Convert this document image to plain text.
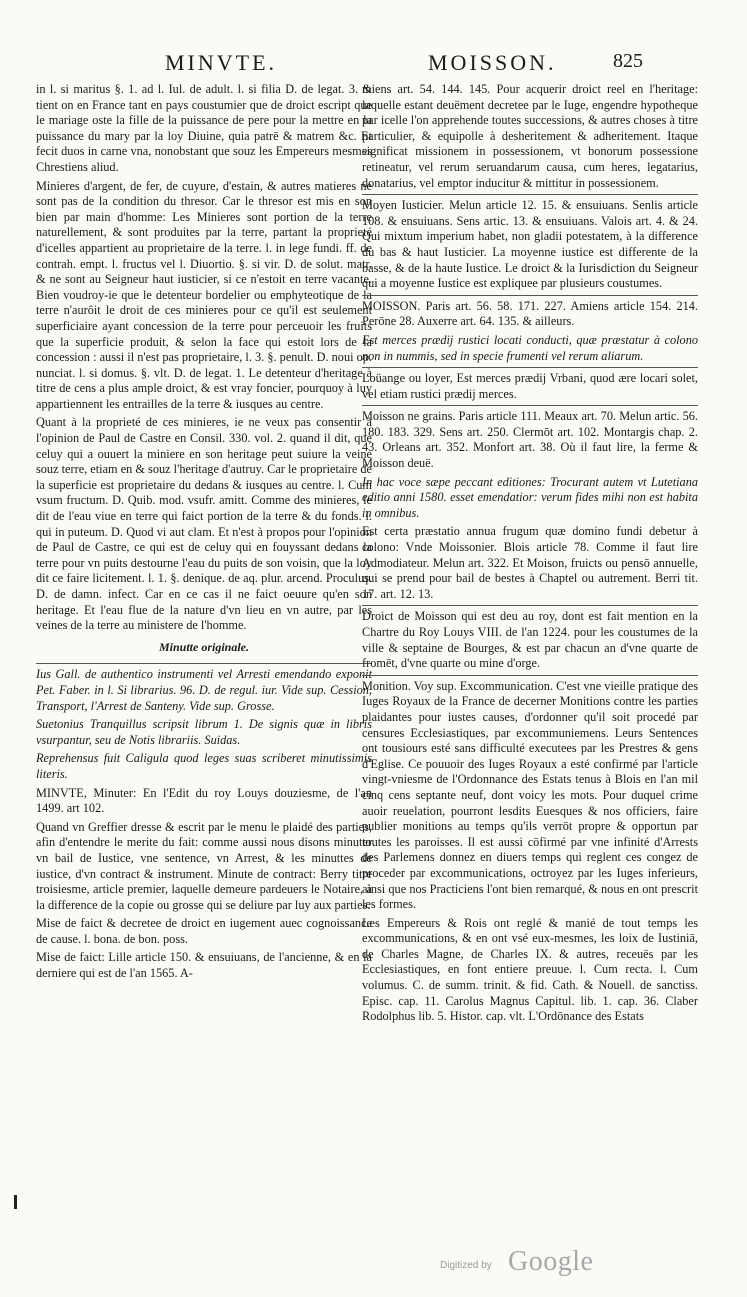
MINVTE.	MOISSON.	825

in l. si maritus §. 1. ad l. Iul. de adult. l. si filia D. de legat. 3. & tient on en France tant en pays coustumier que de droict escript que le mariage oste la fille de la puissance de pere pour la mettre en la puissance du mary par la loy Diuine, quia patrē & matrem &c. Et fecit duos in carne vna, nonobstant que souz les Empereurs mesmes Chrestiens aliud.

Minieres d'argent, de fer, de cuyure, d'estain, & autres matieres ne sont pas de la condition du thresor. Car le thresor est mis en son bien par main d'homme: Les Minieres sont portion de la terre naturellement, & sont produites par la terre, partant la proprieté d'icelles appartient au proprietaire de la terre. l. in lege fundi. ff. de contrah. empt. l. fructus vel l. Diuortio. §. si vir. D. de solut. matr. & ne sont au Seigneur haut iusticier, si ce n'estoit en terre vacante. Bien voudroy-ie que le detenteur bordelier ou emphyteotique de la terre n'aurôit le droit de ces minieres pour ce qu'il est seulement superficiaire ayant concession de la terre pour perceuoir les fruits que la superficie produit, & selon la face qui estoit lors de la concession : aussi il n'est pas proprietaire, l. 3. §. penult. D. noui op. nunciat. l. si domus. §. vlt. D. de legat. 1. Le detenteur d'heritage à titre de cens a plus ample droict, & est vray foncier, pourquoy à luy appartiennent les entrailles de la terre & iusques au centre.

Quant à la proprieté de ces minieres, ie ne veux pas consentir à l'opinion de Paul de Castre en Consil. 330. vol. 2. quand il dit, que celuy qui a ouuert la miniere en son heritage peut suiure la veine souz terre, etiam en & souz l'heritage d'autruy. Car le proprietaire de la superficie est proprietaire du dedans & iusques au centre. l. Cum vsum fructum. D. Quib. mod. vsufr. amitt. Comme des minieres, le dit de l'eau viue en terre qui faict portion de la terre & du fonds. l. qui in puteum. D. Quod vi aut clam. Et n'est à propos pour l'opinion de Paul de Castre, ce qui est de celuy qui en fouyssant dedans la terre pour vn puits destourne l'eau du puits de son voisin, que la loy dit ce faire licitement. l. 1. §. denique. de aq. plur. arcend. Proculus. D. de damn. infect. Car en ce cas il ne faict oeuure qu'en son heritage. Et l'eau flue de la nature d'vn lieu en vn autre, par les veines de la terre au ministere de l'homme.

Minutte originale.

Ius Gall. de authentico instrumenti vel Arresti emendando exponit Pet. Faber. in l. Si librarius. 96. D. de regul. iur. Vide sup. Cession, Transport, l'Arrest de Santeny. Vide sup. Grosse.

Suetonius Tranquillus scripsit librum 1. De signis quæ in libris vsurpantur, seu de Notis librariis. Suidas.

Reprehensus fuit Caligula quod leges suas scriberet minutissimis literis.

MINVTE, Minuter: En l'Edit du roy Louys douziesme, de l'an 1499. art 102.

Quand vn Greffier dresse & escrit par le menu le plaidé des parties, afin d'entendre le merite du fait: comme aussi nous disons minuter vn bail de Iustice, vne sentence, vn Arrest, & les minuttes de iustice, d'vn contract & instrument. Minute de contract: Berry titre troisiesme, article premier, laquelle demeure pardeuers le Notaire, à la difference de la copie ou grosse qui se deliure par luy aux parties.

Mise de faict & decretee de droict en iugement auec cognoissance de cause. l. bona. de bon. poss.

Mise de faict: Lille article 150. & ensuiuans, de l'ancienne, & en la derniere qui est de l'an 1565. A-

miens art. 54. 144. 145. Pour acquerir droict reel en l'heritage: laquelle estant deuëment decretee par le Iuge, engendre hypotheque par icelle l'on apprehende toutes successions, & autres choses à titre particulier, & equipolle à desheritement & adheritement. Itaque significat missionem in possessionem, vt bonorum possessione retineatur, vel rerum seruandarum causa, cum heres, legatarius, donatarius, vel emptor inducitur & mittitur in possessionem.

Moyen Iusticier. Melun article 12. 15. & ensuiuans. Senlis article 108. & ensuiuans. Sens artic. 13. & ensuiuans. Valois art. 4. & 24. Qui mixtum imperium habet, non gladii potestatem, à la difference du bas & haut Iusticier. La moyenne iustice est differente de la basse, & de la haute Iustice. Le droict & la Iurisdiction du Seigneur qui a moyenne Iustice est expliquee par plusieurs coustumes.

MOISSON. Paris art. 56. 58. 171. 227. Amiens article 154. 214. Perōne 28. Auxerre art. 64. 135. & ailleurs.

Est merces prædij rustici locati conducti, quæ præstatur à colono non in nummis, sed in specie frumenti vel rerum aliarum.

Loüange ou loyer, Est merces prædij Vrbani, quod ære locari solet, vel etiam rustici prædij merces.

Moisson ne grains. Paris article 111. Meaux art. 70. Melun artic. 56. 180. 183. 329. Sens art. 250. Clermōt art. 102. Montargis chap. 2. 43. Orleans art. 352. Monfort art. 38. Où il faut lire, la ferme & Moisson deuë.

In hac voce sæpe peccant editiones: Trocurant autem vt Lutetiana editio anni 1580. esset emendatior: verum fides mihi non est habita in omnibus.

Est certa præstatio annua frugum quæ domino fundi debetur à colono: Vnde Moissonier. Blois article 78. Comme il faut lire Admodiateur. Melun art. 322. Et Moison, fruicts ou pensō annuelle, qui se prend pour bail de bestes à Chaptel ou autrement. Berri tit. 17. art. 12. 13.

Droict de Moisson qui est deu au roy, dont est fait mention en la Chartre du Roy Louys VIII. de l'an 1224. pour les coustumes de la ville & septaine de Bourges, & est par chacun an d'vne quarte de fromēt, d'vne quarte ou mine d'orge.

Monition. Voy sup. Excommunication. C'est vne vieille pratique des Iuges Royaux de la France de decerner Monitions contre les parties plaidantes pour iustes causes, d'ordonner qu'il soit procedé par censures Ecclesiastiques, par excommuniemens. Leurs Sentences ont tousiours esté sans difficulté executees par les Prestres & gens d'Eglise. Ce pouuoir des Iuges Royaux a esté confirmé par l'article vingt-vniesme de l'Ordonnance des Estats tenus à Blois en l'an mil cinq cens septante neuf, dont voicy les mots. Pour duquel crime auoir reuelation, pourront lesdits Euesques & nos officiers, faire publier monitions au temps qu'ils verrōt propre & opportun par toutes les paroisses. Il est aussi cōfirmé par vne infinité d'Arrests des Parlemens donnez en diuers temps qui reglent ces congez de proceder par excommunications, octroyez par les Iuges inferieurs, ainsi que nos Practiciens l'ont bien remarqué, & nous en ont prescrit les formes.

Les Empereurs & Rois ont reglé & manié de tout temps les excommunications, & en ont vsé eux-mesmes, les loix de Iustiniā, de Charles Magne, de Charles IX. & autres, receuës par les Ecclesiastiques, en font entiere preuue. l. Cum recta. l. Cum volumus. C. de summ. trinit. & fid. Cath. & Nouell. de sanctiss. Episc. cap. 11. Carolus Magnus Capitul. lib. 1. cap. 36. Claber Rodolphus lib. 5. Histor. cap. vlt. L'Ordōnance des Estats

Digitized by Google
